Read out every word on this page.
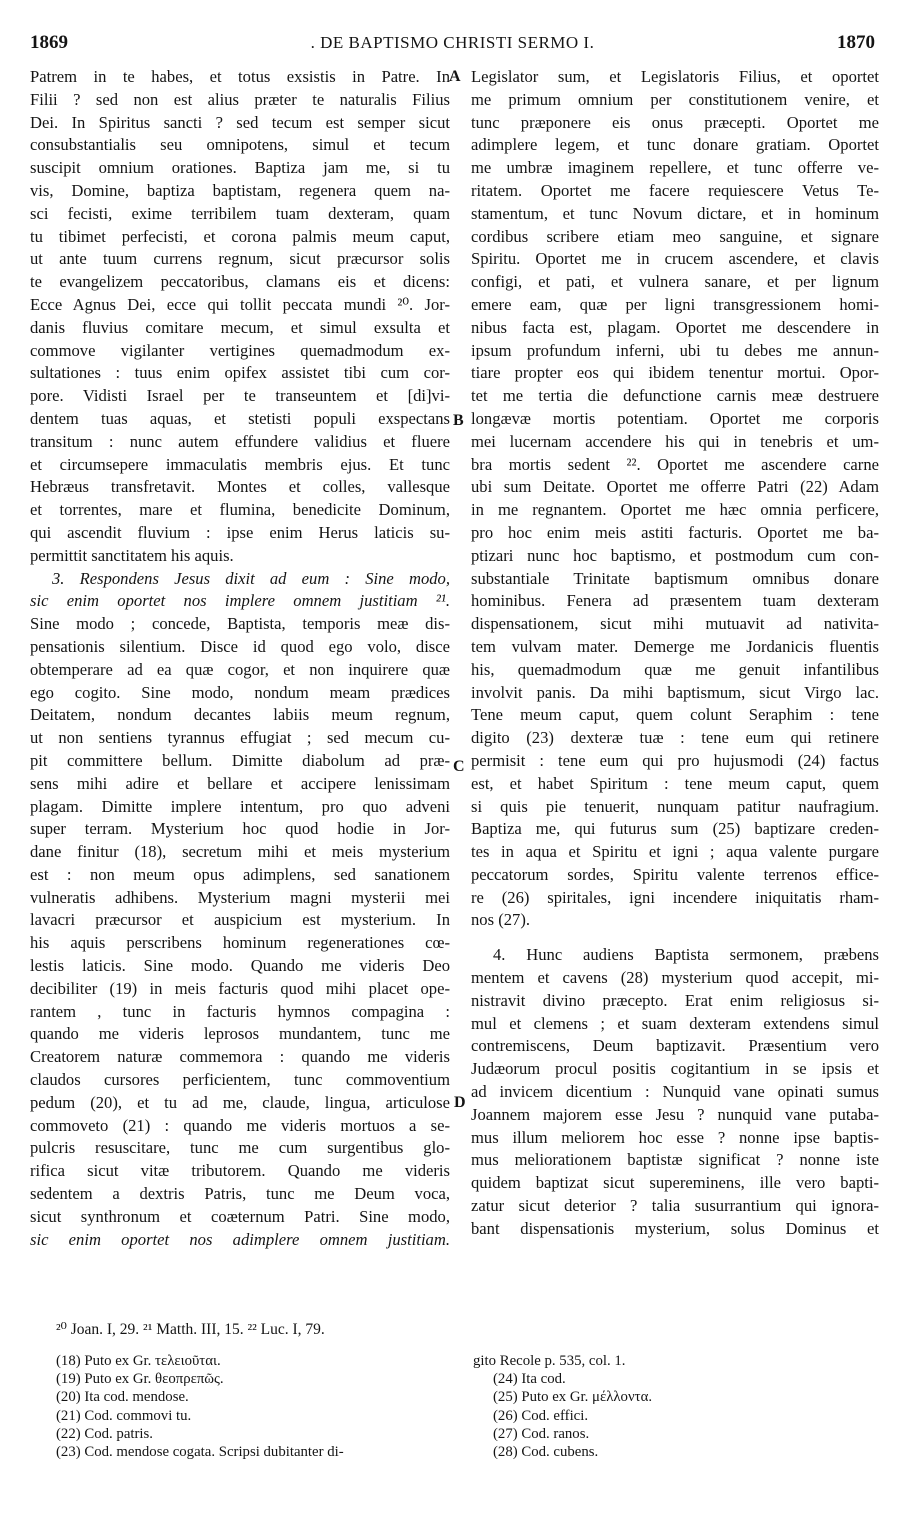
1869	. DE BAPTISMO CHRISTI SERMO I.	1870
Patrem in te habes, et totus exsistis in Patre. In
Filii ? sed non est alius præter te naturalis Filius
Dei. In Spiritus sancti ? sed tecum est semper sicut
consubstantialis seu omnipotens, simul et tecum
suscipit omnium orationes. Baptiza jam me, si tu
vis, Domine, baptiza baptistam, regenera quem na-
sci fecisti, exime terribilem tuam dexteram, quam
tu tibimet perfecisti, et corona palmis meum caput,
ut ante tuum currens regnum, sicut præcursor solis
te evangelizem peccatoribus, clamans eis et dicens:
Ecce Agnus Dei, ecce qui tollit peccata mundi ²⁰. Jor-
danis fluvius comitare mecum, et simul exsulta et
commove vigilanter vertigines quemadmodum ex-
sultationes : tuus enim opifex assistet tibi cum cor-
pore. Vidisti Israel per te transeuntem et [di]vi-
dentem tuas aquas, et stetisti populi exspectans
transitum : nunc autem effundere validius et fluere
et circumsepere immaculatis membris ejus. Et tunc
Hebræus transfretavit. Montes et colles, vallesque
et torrentes, mare et flumina, benedicite Dominum,
qui ascendit fluvium : ipse enim Herus laticis su-
permittit sanctitatem his aquis.
3. Respondens Jesus dixit ad eum : Sine modo,
sic enim oportet nos implere omnem justitiam ²¹.
Sine modo ; concede, Baptista, temporis meæ dis-
pensationis silentium. Disce id quod ego volo, disce
obtemperare ad ea quæ cogor, et non inquirere quæ
ego cogito. Sine modo, nondum meam prædices
Deitatem, nondum decantes labiis meum regnum,
ut non sentiens tyrannus effugiat ; sed mecum cu-
pit committere bellum. Dimitte diabolum ad præ-
sens mihi adire et bellare et accipere lenissimam
plagam. Dimitte implere intentum, pro quo adveni
super terram. Mysterium hoc quod hodie in Jor-
dane finitur (18), secretum mihi et meis mysterium
est : non meum opus adimplens, sed sanationem
vulneratis adhibens. Mysterium magni mysterii mei
lavacri præcursor et auspicium est mysterium. In
his aquis perscribens hominum regenerationes cœ-
lestis laticis. Sine modo. Quando me videris Deo
decibiliter (19) in meis facturis quod mihi placet ope-
rantem , tunc in facturis hymnos compagina :
quando me videris leprosos mundantem, tunc me
Creatorem naturæ commemora : quando me videris
claudos cursores perficientem, tunc commoventium
pedum (20), et tu ad me, claude, lingua, articulose
commoveto (21) : quando me videris mortuos a se-
pulcris resuscitare, tunc me cum surgentibus glo-
rifica sicut vitæ tributorem. Quando me videris
sedentem a dextris Patris, tunc me Deum voca,
sicut synthronum et coæternum Patri. Sine modo,
sic enim oportet nos adimplere omnem justitiam.
Legislator sum, et Legislatoris Filius, et oportet
me primum omnium per constitutionem venire, et
tunc præponere eis onus præcepti. Oportet me
adimplere legem, et tunc donare gratiam. Oportet
me umbræ imaginem repellere, et tunc offerre ve-
ritatem. Oportet me facere requiescere Vetus Te-
stamentum, et tunc Novum dictare, et in hominum
cordibus scribere etiam meo sanguine, et signare
Spiritu. Oportet me in crucem ascendere, et clavis
configi, et pati, et vulnera sanare, et per lignum
emere eam, quæ per ligni transgressionem homi-
nibus facta est, plagam. Oportet me descendere in
ipsum profundum inferni, ubi tu debes me annun-
tiare propter eos qui ibidem tenentur mortui. Opor-
tet me tertia die defunctione carnis meæ destruere
longævæ mortis potentiam. Oportet me corporis
mei lucernam accendere his qui in tenebris et um-
bra mortis sedent ²². Oportet me ascendere carne
ubi sum Deitate. Oportet me offerre Patri (22) Adam
in me regnantem. Oportet me hæc omnia perficere,
pro hoc enim meis astiti facturis. Oportet me ba-
ptizari nunc hoc baptismo, et postmodum cum con-
substantiale Trinitate baptismum omnibus donare
hominibus. Fenera ad præsentem tuam dexteram
dispensationem, sicut mihi mutuavit ad nativita-
tem vulvam mater. Demerge me Jordanicis fluentis
his, quemadmodum quæ me genuit infantilibus
involvit panis. Da mihi baptismum, sicut Virgo lac.
Tene meum caput, quem colunt Seraphim : tene
digito (23) dexteræ tuæ : tene eum qui retinere
permisit : tene eum qui pro hujusmodi (24) factus
est, et habet Spiritum : tene meum caput, quem
si quis pie tenuerit, nunquam patitur naufragium.
Baptiza me, qui futurus sum (25) baptizare creden-
tes in aqua et Spiritu et igni ; aqua valente purgare
peccatorum sordes, Spiritu valente terrenos effice-
re (26) spiritales, igni incendere iniquitatis rham-
nos (27).
4. Hunc audiens Baptista sermonem, præbens
mentem et cavens (28) mysterium quod accepit, mi-
nistravit divino præcepto. Erat enim religiosus si-
mul et clemens ; et suam dexteram extendens simul
contremiscens, Deum baptizavit. Præsentium vero
Judæorum procul positis cogitantium in se ipsis et
ad invicem dicentium : Nunquid vane opinati sumus
Joannem majorem esse Jesu ? nunquid vane putaba-
mus illum meliorem hoc esse ? nonne ipse baptis-
mus meliorationem baptistæ significat ? nonne iste
quidem baptizat sicut supereminens, ille vero bapti-
zatur sicut deterior ? talia susurrantium qui ignora-
bant dispensationis mysterium, solus Dominus et
A
B
C
D
²⁰ Joan. I, 29. ²¹ Matth. III, 15. ²² Luc. I, 79.
(18) Puto ex Gr. τελειοῦται.
(19) Puto ex Gr. θεοπρεπῶς.
(20) Ita cod. mendose.
(21) Cod. commovi tu.
(22) Cod. patris.
(23) Cod. mendose cogata. Scripsi dubitanter di-
gito Recole p. 535, col. 1.
(24) Ita cod.
(25) Puto ex Gr. μέλλοντα.
(26) Cod. effici.
(27) Cod. ranos.
(28) Cod. cubens.
